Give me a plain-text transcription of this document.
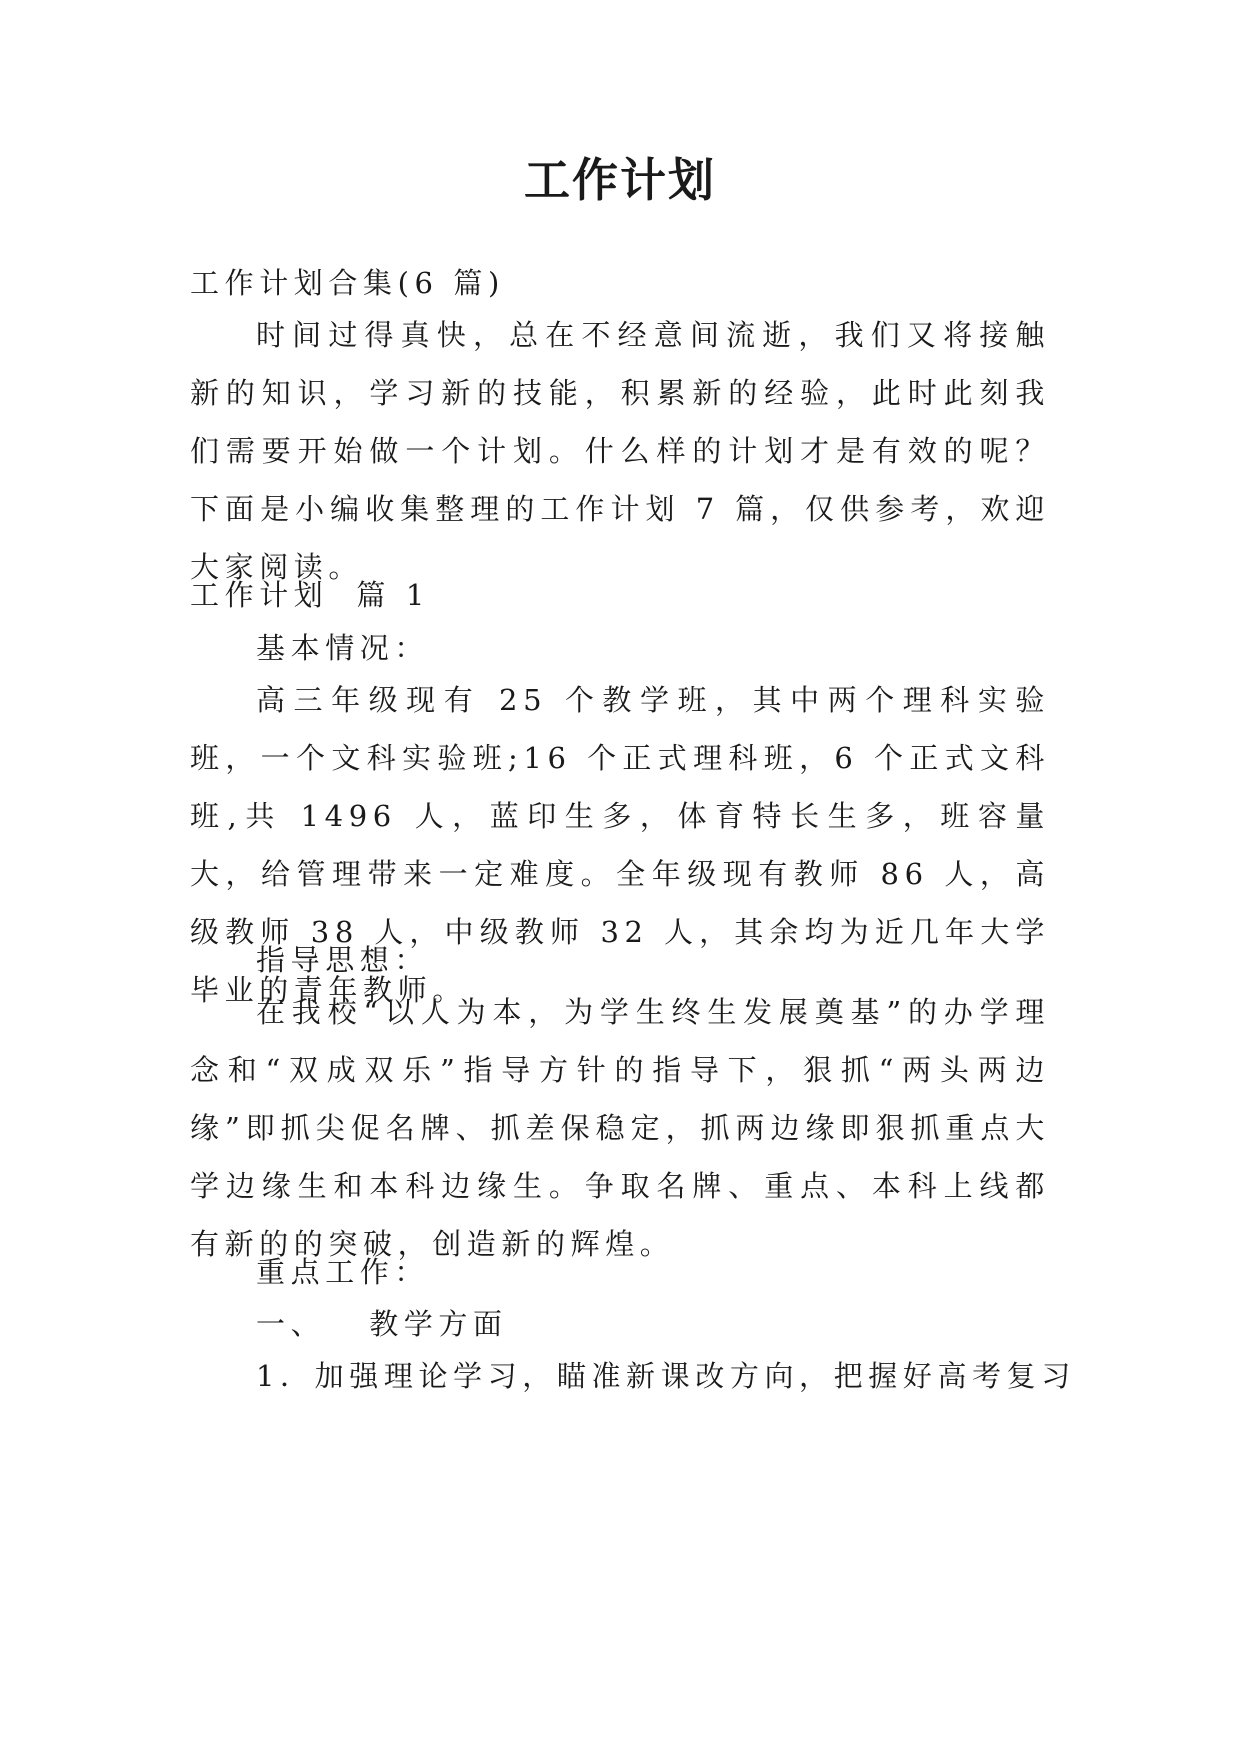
工作计划

工作计划合集(6 篇)

时间过得真快，总在不经意间流逝，我们又将接触新的知识，学习新的技能，积累新的经验，此时此刻我们需要开始做一个计划。什么样的计划才是有效的呢？下面是小编收集整理的工作计划 7 篇，仅供参考，欢迎大家阅读。

工作计划 篇 1

基本情况：

高三年级现有 25 个教学班，其中两个理科实验班，一个文科实验班;16 个正式理科班，6 个正式文科班,共 1496 人，蓝印生多，体育特长生多，班容量大，给管理带来一定难度。全年级现有教师 86 人，高级教师 38 人，中级教师 32 人，其余均为近几年大学毕业的青年教师。

指导思想：

在我校“以人为本，为学生终生发展奠基”的办学理念和“双成双乐”指导方针的指导下，狠抓“两头两边缘”即抓尖促名牌、抓差保稳定，抓两边缘即狠抓重点大学边缘生和本科边缘生。争取名牌、重点、本科上线都有新的的突破，创造新的辉煌。

重点工作：

一、 教学方面

1．加强理论学习，瞄准新课改方向，把握好高考复习
